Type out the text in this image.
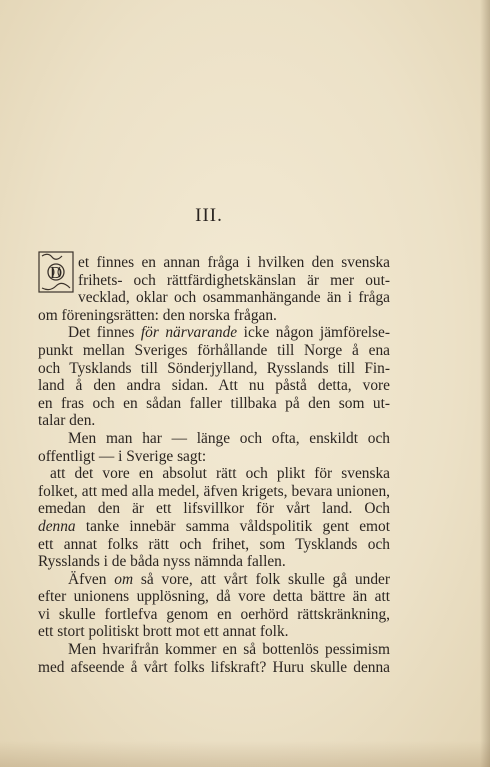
III.
D
et finnes en annan fråga i hvilken den svenska
frihets- och rättfärdighetskänslan är mer out-
vecklad, oklar och osammanhängande än i fråga
om föreningsrätten: den norska frågan.
Det finnes för närvarande icke någon jämförelse-
punkt mellan Sveriges förhållande till Norge å ena
och Tysklands till Sönderjylland, Rysslands till Fin-
land å den andra sidan. Att nu påstå detta, vore
en fras och en sådan faller tillbaka på den som ut-
talar den.
Men man har — länge och ofta, enskildt och
offentligt — i Sverige sagt:
att det vore en absolut rätt och plikt för svenska
folket, att med alla medel, äfven krigets, bevara unionen,
emedan den är ett lifsvillkor för vårt land. Och
denna tanke innebär samma våldspolitik gent emot
ett annat folks rätt och frihet, som Tysklands och
Rysslands i de båda nyss nämnda fallen.
Äfven om så vore, att vårt folk skulle gå under
efter unionens upplösning, då vore detta bättre än att
vi skulle fortlefva genom en oerhörd rättskränkning,
ett stort politiskt brott mot ett annat folk.
Men hvarifrån kommer en så bottenlös pessimism
med afseende å vårt folks lifskraft? Huru skulle denna
